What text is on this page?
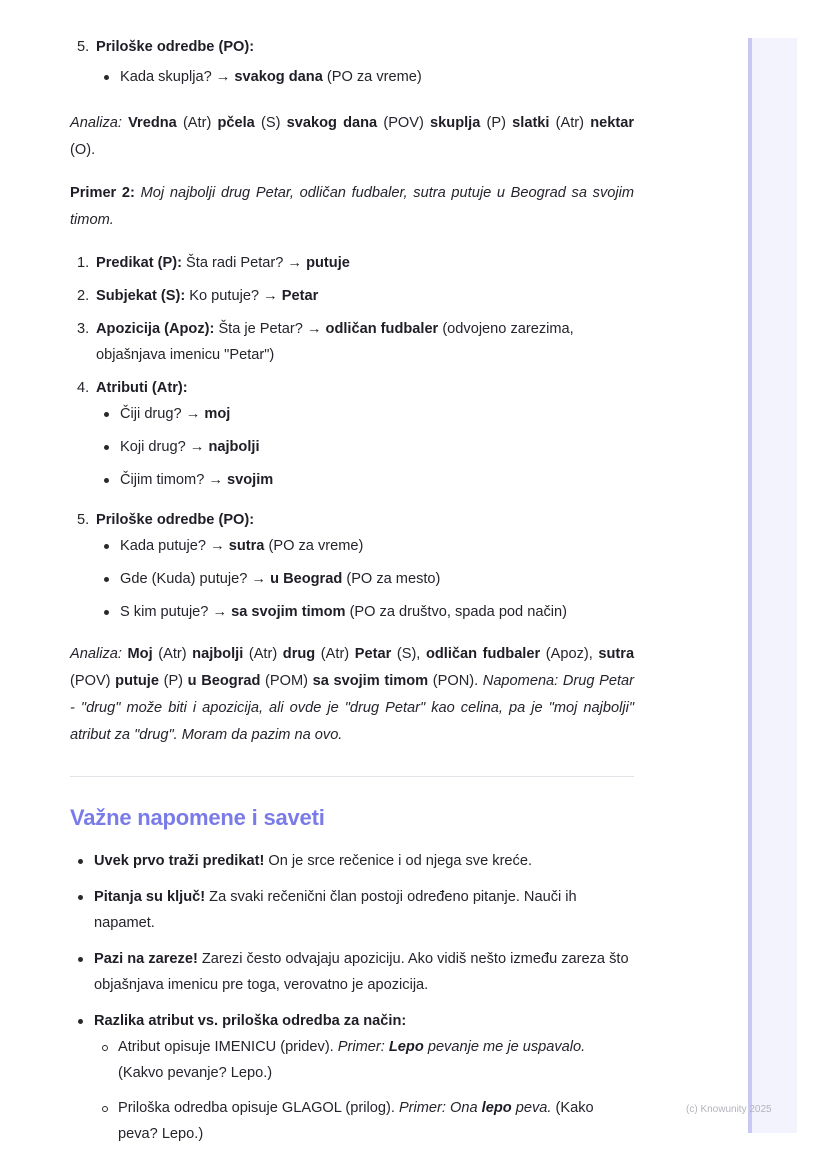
5. Priloške odredbe (PO):
Kada skuplja? → svakog dana (PO za vreme)

Analiza: Vredna (Atr) pčela (S) svakog dana (POV) skuplja (P) slatki (Atr) nektar (O).

Primer 2: Moj najbolji drug Petar, odličan fudbaler, sutra putuje u Beograd sa svojim timom.

1. Predikat (P): Šta radi Petar? → putuje
2. Subjekat (S): Ko putuje? → Petar
3. Apozicija (Apoz): Šta je Petar? → odličan fudbaler (odvojeno zarezima, objašnjava imenicu "Petar")
4. Atributi (Atr):
Čiji drug? → moj
Koji drug? → najbolji
Čijim timom? → svojim
5. Priloške odredbe (PO):
Kada putuje? → sutra (PO za vreme)
Gde (Kuda) putuje? → u Beograd (PO za mesto)
S kim putuje? → sa svojim timom (PO za društvo, spada pod način)

Analiza: Moj (Atr) najbolji (Atr) drug (Atr) Petar (S), odličan fudbaler (Apoz), sutra (POV) putuje (P) u Beograd (POM) sa svojim timom (PON). Napomena: Drug Petar - "drug" može biti i apozicija, ali ovde je "drug Petar" kao celina, pa je "moj najbolji" atribut za "drug". Moram da pazim na ovo.

Važne napomene i saveti
Uvek prvo traži predikat! On je srce rečenice i od njega sve kreće.
Pitanja su ključ! Za svaki rečenični član postoji određeno pitanje. Nauči ih napamet.
Pazi na zareze! Zarezi često odvajaju apoziciju. Ako vidiš nešto između zareza što objašnjava imenicu pre toga, verovatno je apozicija.
Razlika atribut vs. priloška odredba za način:
Atribut opisuje IMENICU (pridev). Primer: Lepo pevanje me je uspavalo. (Kakvo pevanje? Lepo.)
Priloška odredba opisuje GLAGOL (prilog). Primer: Ona lepo peva. (Kako peva? Lepo.)
(c) Knowunity 2025
